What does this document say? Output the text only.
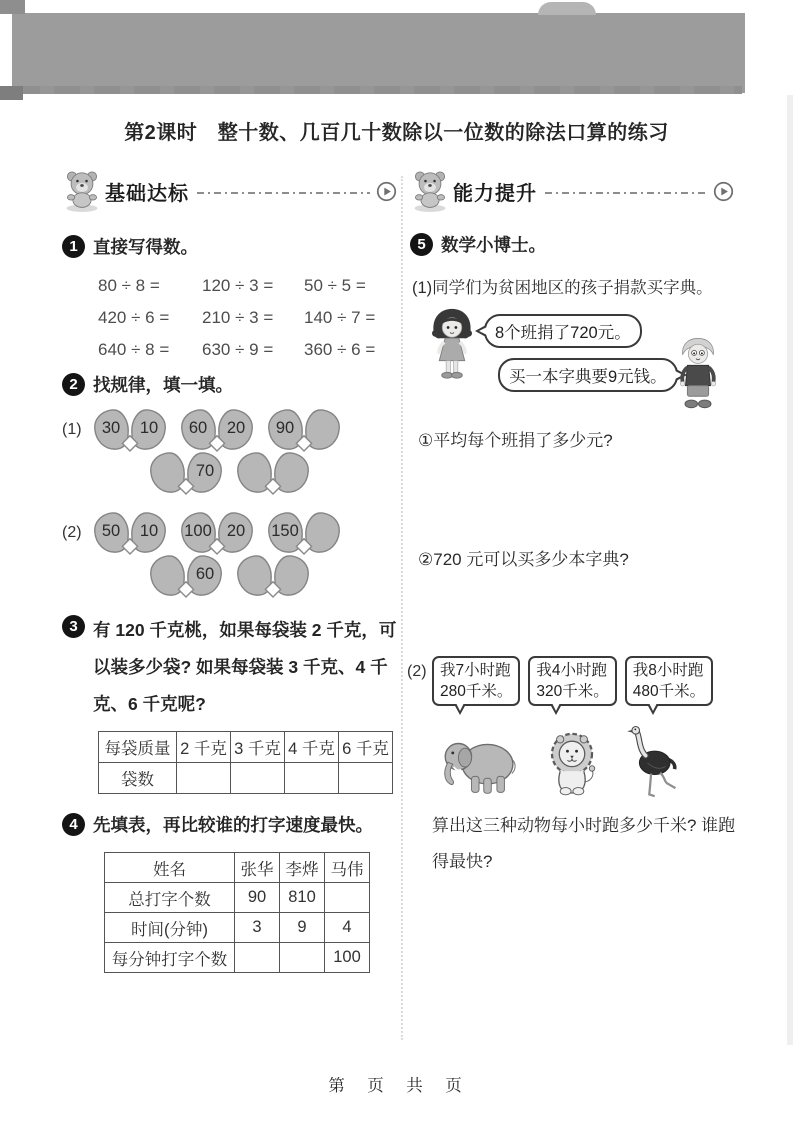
第2课时　整十数、几百几十数除以一位数的除法口算的练习
基础达标
1 直接写得数。
80 ÷ 8 =	120 ÷ 3 =	50 ÷ 5 =
420 ÷ 6 =	210 ÷ 3 =	140 ÷ 7 =
640 ÷ 8 =	630 ÷ 9 =	360 ÷ 6 =
2 找规律，填一填。
(1)	30	10	60	20	90
70
(2)	50	10	100 20	150
60
3 有 120 千克桃，如果每袋装 2 千克，可以装多少袋? 如果每袋装 3 千克、4 千克、6 千克呢?
每袋质量	2 千克	3 千克	4 千克	6 千克
袋数				
4 先填表，再比较谁的打字速度最快。
姓名	张华	李烨	马伟
总打字个数	90	810	
时间(分钟)	3	9	4
每分钟打字个数			100
能力提升
5 数学小博士。
(1)同学们为贫困地区的孩子捐款买字典。
8个班捐了720元。
买一本字典要9元钱。
①平均每个班捐了多少元?
②720 元可以买多少本字典?
(2) 我7小时跑
280千米。
我4小时跑
320千米。
我8小时跑
480千米。
算出这三种动物每小时跑多少千米? 谁跑得最快?
第　页　共　页
